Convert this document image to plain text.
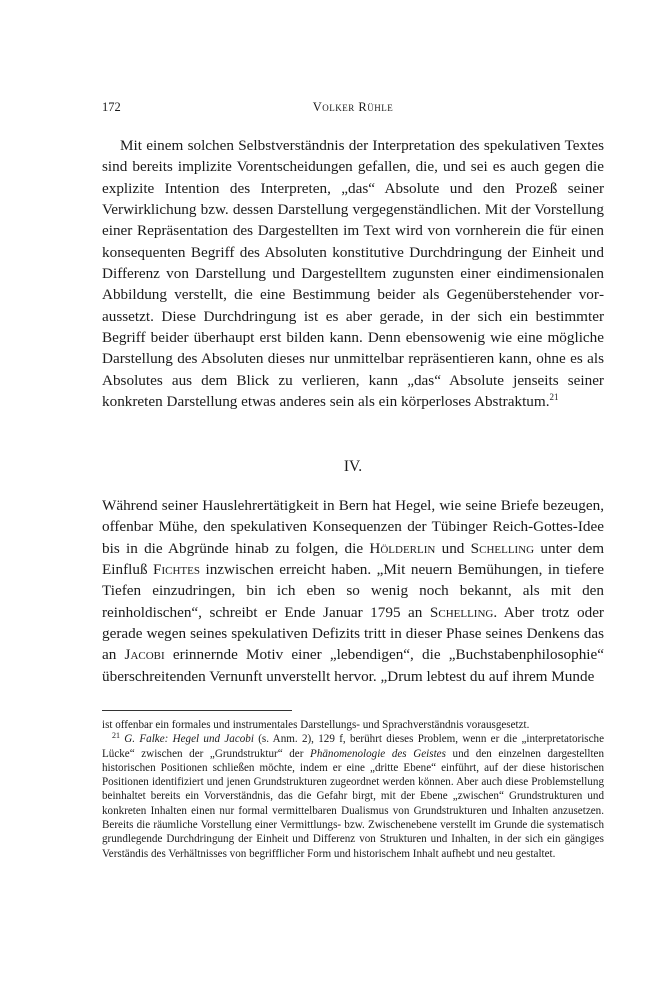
172	Volker Rühle
Mit einem solchen Selbstverständnis der Interpretation des spekulativen Textes sind bereits implizite Vorentscheidungen gefallen, die, und sei es auch gegen die explizite Intention des Interpreten, „das“ Absolute und den Prozeß seiner Verwirklichung bzw. dessen Darstellung vergegenständlichen. Mit der Vorstellung einer Repräsentation des Dargestellten im Text wird von vornherein die für einen konsequenten Begriff des Absoluten konstitutive Durchdringung der Einheit und Differenz von Darstellung und Dargestelltem zugunsten einer eindimensionalen Abbildung verstellt, die eine Bestimmung beider als Gegenüberstehender voraussetzt. Diese Durchdringung ist es aber gerade, in der sich ein bestimmter Begriff beider überhaupt erst bilden kann. Denn ebensowenig wie eine mögliche Darstellung des Absoluten dieses nur unmittelbar repräsentieren kann, ohne es als Absolutes aus dem Blick zu verlieren, kann „das“ Absolute jenseits seiner konkreten Darstellung etwas anderes sein als ein körperloses Abstraktum.$^{21}$
IV.
Während seiner Hauslehrertätigkeit in Bern hat Hegel, wie seine Briefe bezeugen, offenbar Mühe, den spekulativen Konsequenzen der Tübinger Reich-Gottes-Idee bis in die Abgründe hinab zu folgen, die Hölderlin und Schelling unter dem Einfluß Fichtes inzwischen erreicht haben. „Mit neuern Bemühungen, in tiefere Tiefen einzudringen, bin ich eben so wenig noch bekannt, als mit den reinholdischen“, schreibt er Ende Januar 1795 an Schelling. Aber trotz oder gerade wegen seines spekulativen Defizits tritt in dieser Phase seines Denkens das an Jacobi erinnernde Motiv einer „lebendigen“, die „Buchstabenphilosophie“ überschreitenden Vernunft unverstellt hervor. „Drum lebtest du auf ihrem Munde

ist offenbar ein formales und instrumentales Darstellungs- und Sprachverständnis vorausgesetzt.

$^{21}$ G. Falke: Hegel und Jacobi (s. Anm. 2), 129 f, berührt dieses Problem, wenn er die „interpretatorische Lücke“ zwischen der „Grundstruktur“ der Phänomenologie des Geistes und den einzelnen dargestellten historischen Positionen schließen möchte, indem er eine „dritte Ebene“ einführt, auf der diese historischen Positionen identifiziert und jenen Grundstrukturen zugeordnet werden können. Aber auch diese Problemstellung beinhaltet bereits ein Vorverständnis, das die Gefahr birgt, mit der Ebene „zwischen“ Grundstrukturen und konkreten Inhalten einen nur formal vermittelbaren Dualismus von Grundstrukturen und Inhalten anzusetzen. Bereits die räumliche Vorstellung einer Vermittlungs- bzw. Zwischenebene verstellt im Grunde die systematisch grundlegende Durchdringung der Einheit und Differenz von Strukturen und Inhalten, in der sich ein gängiges Verständis des Verhältnisses von begrifflicher Form und historischem Inhalt aufhebt und neu gestaltet.
